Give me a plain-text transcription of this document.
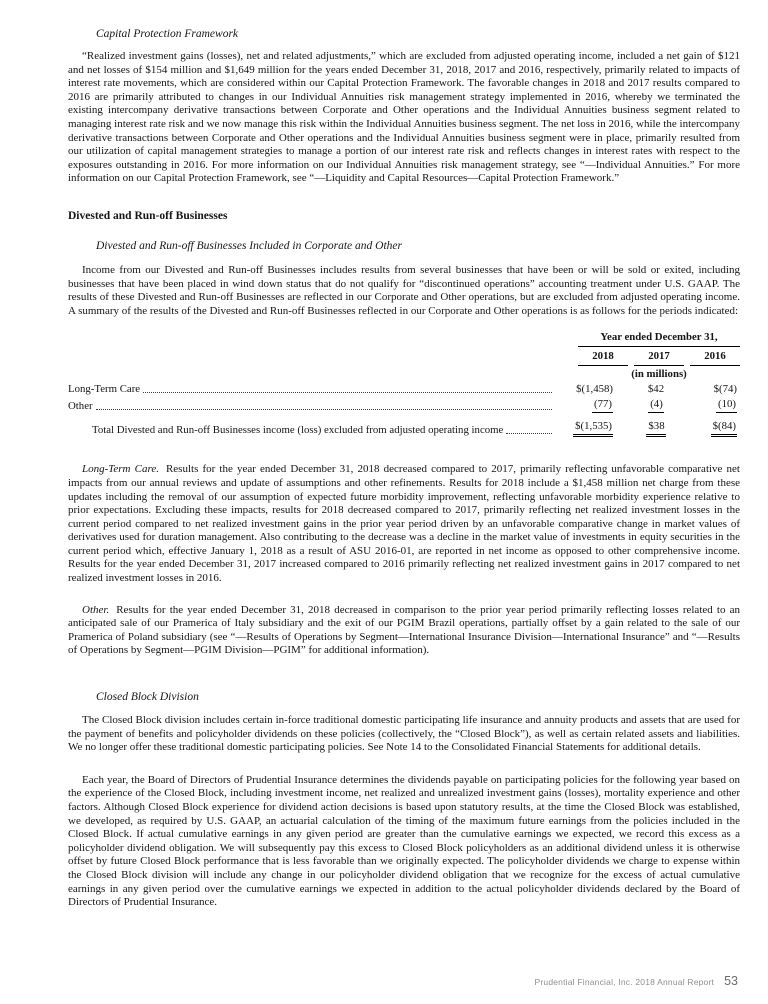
Capital Protection Framework

“Realized investment gains (losses), net and related adjustments,” which are excluded from adjusted operating income, included a net gain of $121 and net losses of $154 million and $1,649 million for the years ended December 31, 2018, 2017 and 2016, respectively, primarily related to impacts of interest rate movements, which are considered within our Capital Protection Framework. The favorable changes in 2018 and 2017 results compared to 2016 are primarily attributed to changes in our Individual Annuities risk management strategy implemented in 2016, whereby we terminated the existing intercompany derivative transactions between Corporate and Other operations and the Individual Annuities business segment related to managing interest rate risk and we now manage this risk within the Individual Annuities business segment. The net loss in 2016, while the intercompany derivative transactions between Corporate and Other operations and the Individual Annuities business segment were in place, primarily resulted from our utilization of capital management strategies to manage a portion of our interest rate risk and reflects changes in interest rates with respect to the exposures outstanding in 2016. For more information on our Individual Annuities risk management strategy, see “—Individual Annuities.” For more information on our Capital Protection Framework, see “—Liquidity and Capital Resources—Capital Protection Framework.”

Divested and Run-off Businesses
Divested and Run-off Businesses Included in Corporate and Other

Income from our Divested and Run-off Businesses includes results from several businesses that have been or will be sold or exited, including businesses that have been placed in wind down status that do not qualify for “discontinued operations” accounting treatment under U.S. GAAP. The results of these Divested and Run-off Businesses are reflected in our Corporate and Other operations, but are excluded from adjusted operating income. A summary of the results of the Divested and Run-off Businesses reflected in our Corporate and Other operations is as follows for the periods indicated:

Year ended December 31,
2018	2017	2016
(in millions)
Long-Term Care	$(1,458)	$42	$(74)
Other	(77)	(4)	(10)
Total Divested and Run-off Businesses income (loss) excluded from adjusted operating income	$(1,535)	$38	$(84)

Long-Term Care. Results for the year ended December 31, 2018 decreased compared to 2017, primarily reflecting unfavorable comparative net impacts from our annual reviews and update of assumptions and other refinements. Results for 2018 include a $1,458 million net charge from these updates including the removal of our assumption of expected future morbidity improvement, reflecting unfavorable morbidity experience relative to prior expectations. Excluding these impacts, results for 2018 decreased compared to 2017, primarily reflecting net realized investment losses in the current period compared to net realized investment gains in the prior year period driven by an unfavorable comparative change in market values of derivatives used for duration management. Also contributing to the decrease was a decline in the market value of investments in equity securities in the current period which, effective January 1, 2018 as a result of ASU 2016-01, are reported in net income as opposed to other comprehensive income. Results for the year ended December 31, 2017 increased compared to 2016 primarily reflecting net realized investment gains in 2017 compared to net realized investment losses in 2016.

Other. Results for the year ended December 31, 2018 decreased in comparison to the prior year period primarily reflecting losses related to an anticipated sale of our Pramerica of Italy subsidiary and the exit of our PGIM Brazil operations, partially offset by a gain related to the sale of our Pramerica of Poland subsidiary (see “—Results of Operations by Segment—International Insurance Division—International Insurance” and “—Results of Operations by Segment—PGIM Division—PGIM” for additional information).

Closed Block Division

The Closed Block division includes certain in-force traditional domestic participating life insurance and annuity products and assets that are used for the payment of benefits and policyholder dividends on these policies (collectively, the “Closed Block”), as well as certain related assets and liabilities. We no longer offer these traditional domestic participating policies. See Note 14 to the Consolidated Financial Statements for additional details.

Each year, the Board of Directors of Prudential Insurance determines the dividends payable on participating policies for the following year based on the experience of the Closed Block, including investment income, net realized and unrealized investment gains (losses), mortality experience and other factors. Although Closed Block experience for dividend action decisions is based upon statutory results, at the time the Closed Block was established, we developed, as required by U.S. GAAP, an actuarial calculation of the timing of the maximum future earnings from the policies included in the Closed Block. If actual cumulative earnings in any given period are greater than the cumulative earnings we expected, we record this excess as a policyholder dividend obligation. We will subsequently pay this excess to Closed Block policyholders as an additional dividend unless it is otherwise offset by future Closed Block performance that is less favorable than we originally expected. The policyholder dividends we charge to expense within the Closed Block division will include any change in our policyholder dividend obligation that we recognize for the excess of actual cumulative earnings in any given period over the cumulative earnings we expected in addition to the actual policyholder dividends declared by the Board of Directors of Prudential Insurance.

Prudential Financial, Inc. 2018 Annual Report 53
